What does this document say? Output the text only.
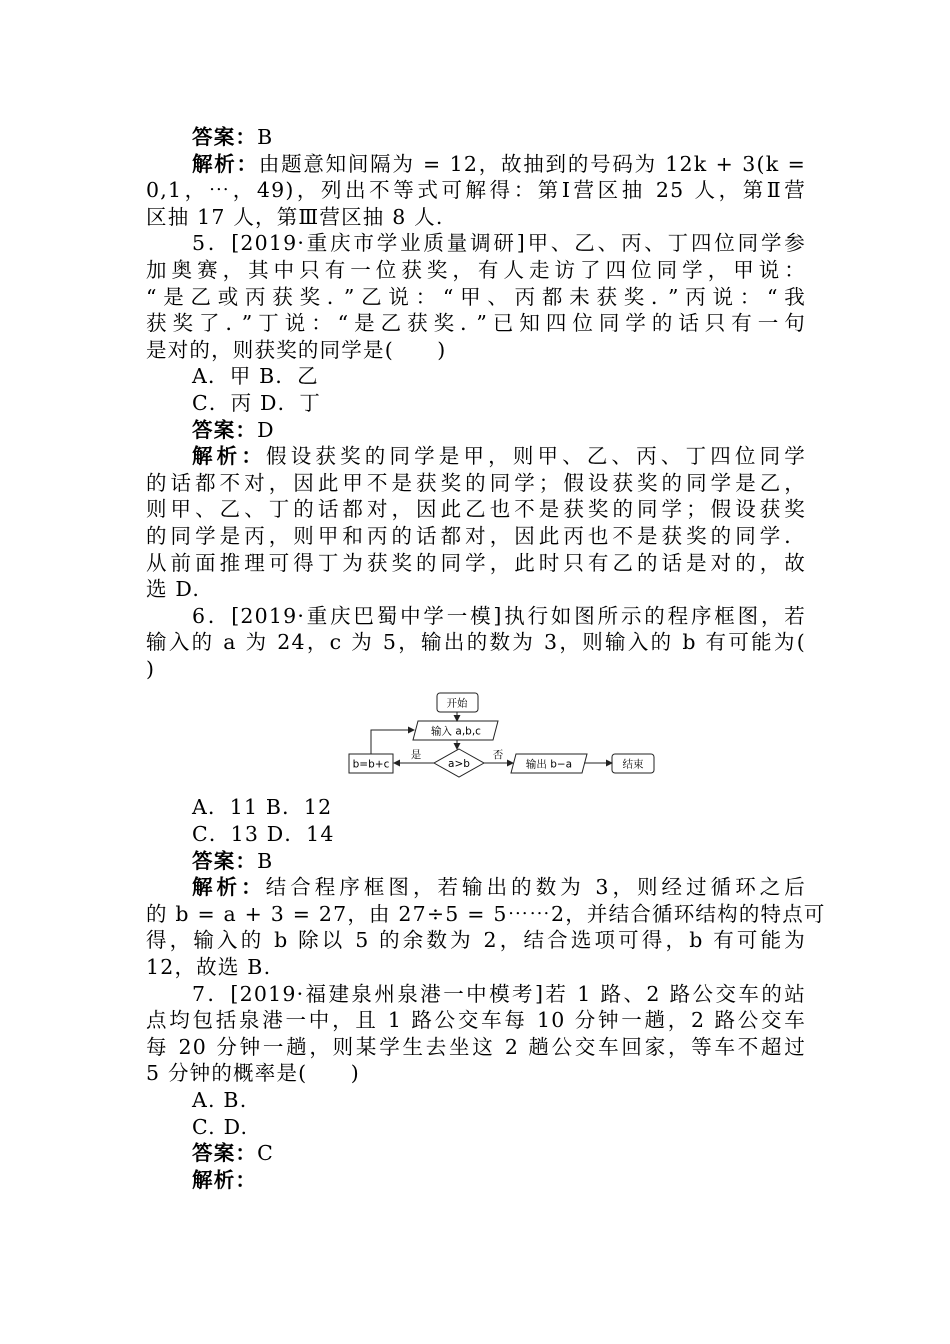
答案：B
解析：由题意知间隔为 = 12，故抽到的号码为 12k + 3(k =
0,1，⋯，49)，列出不等式可解得：第Ⅰ营区抽 25 人，第Ⅱ营
区抽 17 人，第Ⅲ营区抽 8 人.
5．[2019·重庆市学业质量调研]甲、乙、丙、丁四位同学参
加奥赛，其中只有一位获奖，有人走访了四位同学，甲说：
“是乙或丙获奖．”乙说：“甲、丙都未获奖．”丙说：“我
获奖了．”丁说：“是乙获奖．”已知四位同学的话只有一句
是对的，则获奖的同学是(　　)
A．甲 B．乙
C．丙 D．丁
答案：D
解析：假设获奖的同学是甲，则甲、乙、丙、丁四位同学
的话都不对，因此甲不是获奖的同学；假设获奖的同学是乙，
则甲、乙、丁的话都对，因此乙也不是获奖的同学；假设获奖
的同学是丙，则甲和丙的话都对，因此丙也不是获奖的同学．
从前面推理可得丁为获奖的同学，此时只有乙的话是对的，故
选 D.
6．[2019·重庆巴蜀中学一模]执行如图所示的程序框图，若
输入的 a 为 24，c 为 5，输出的数为 3，则输入的 b 有可能为(
)
开始
输入 a,b,c
a>b
b=b+c	输出 b−a	结束
是	否
A．11 B．12
C．13 D．14
答案：B
解析：结合程序框图，若输出的数为 3，则经过循环之后
的 b = a + 3 = 27，由 27÷5 = 5⋯⋯2，并结合循环结构的特点可
得，输入的 b 除以 5 的余数为 2，结合选项可得，b 有可能为
12，故选 B.
7．[2019·福建泉州泉港一中模考]若 1 路、2 路公交车的站
点均包括泉港一中，且 1 路公交车每 10 分钟一趟，2 路公交车
每 20 分钟一趟，则某学生去坐这 2 趟公交车回家，等车不超过
5 分钟的概率是(　　)
A. B.
C. D.
答案：C
解析：
